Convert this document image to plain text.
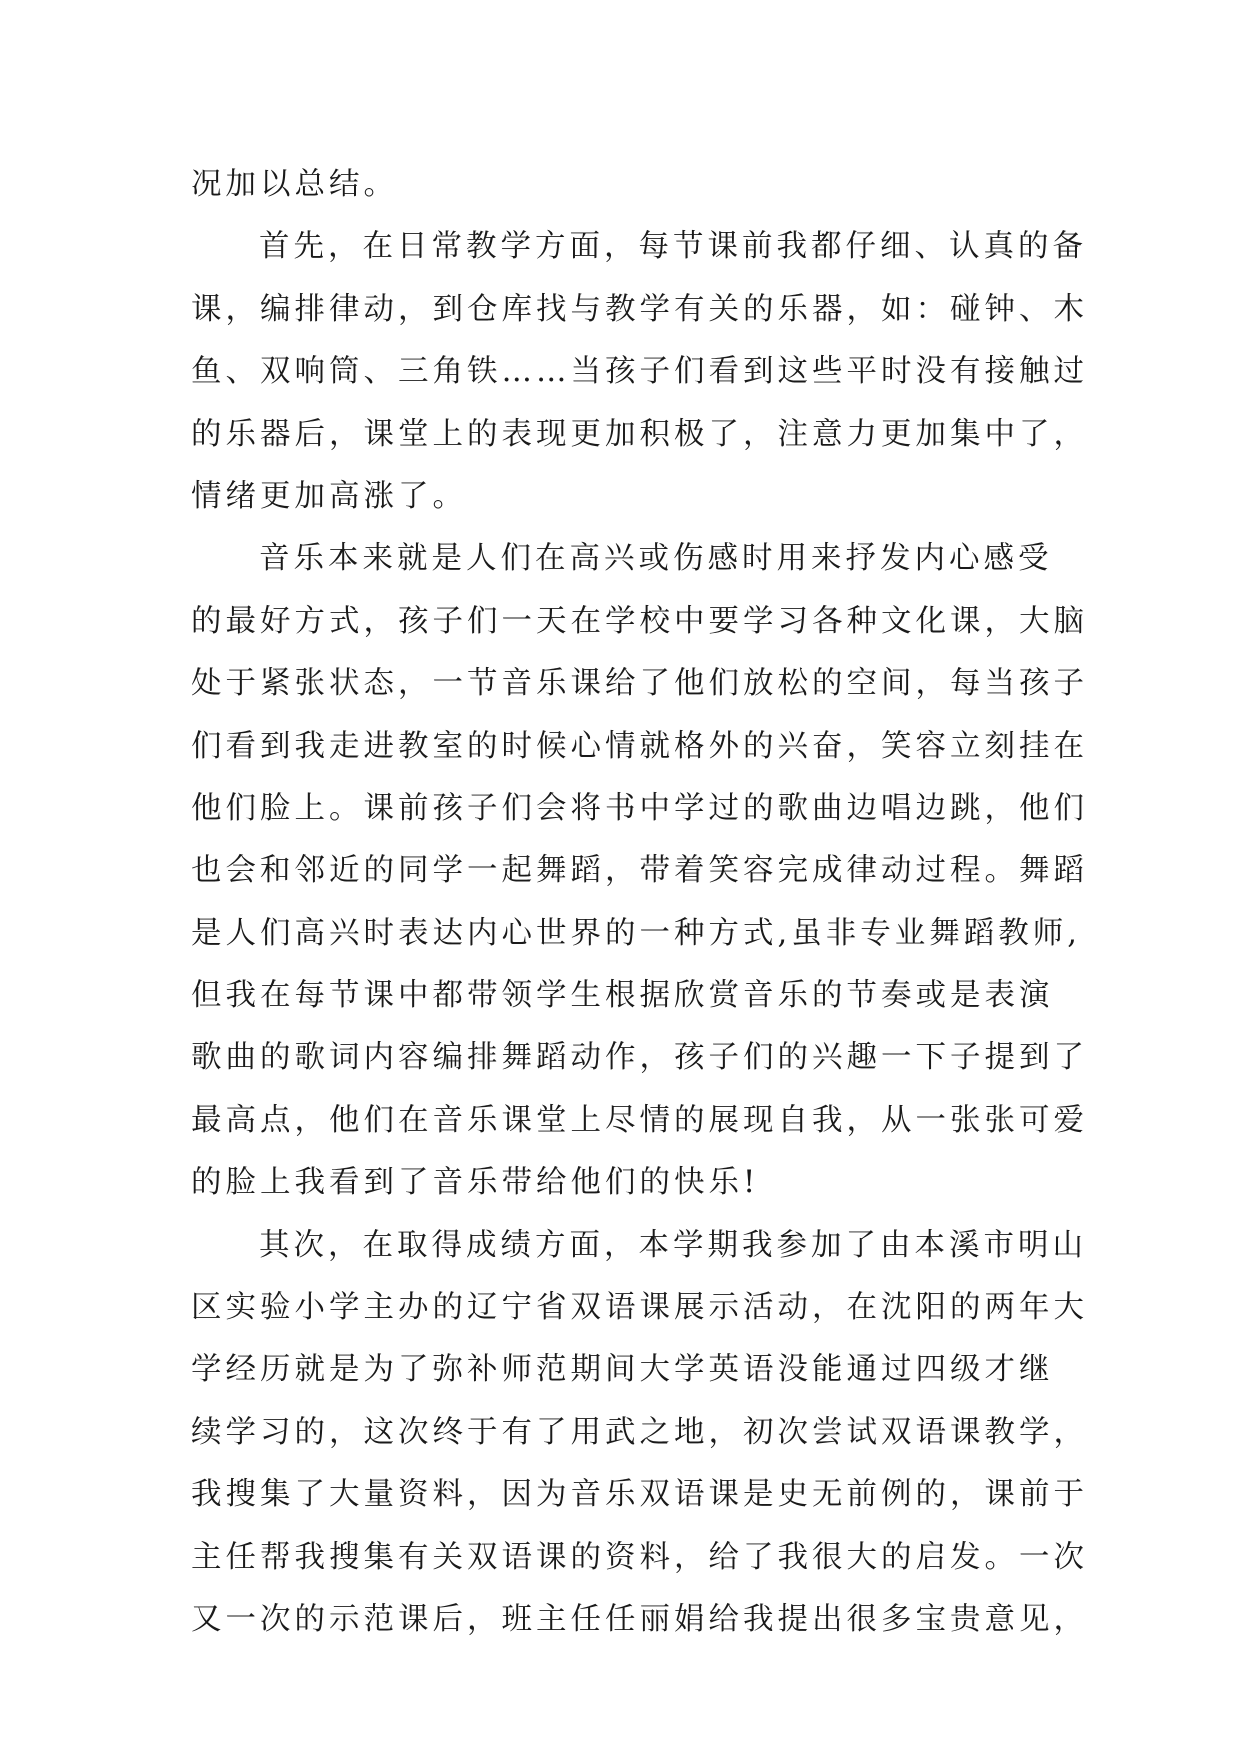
况加以总结。
首先，在日常教学方面，每节课前我都仔细、认真的备
课，编排律动，到仓库找与教学有关的乐器，如：碰钟、木
鱼、双响筒、三角铁……当孩子们看到这些平时没有接触过
的乐器后，课堂上的表现更加积极了，注意力更加集中了，
情绪更加高涨了。
音乐本来就是人们在高兴或伤感时用来抒发内心感受
的最好方式，孩子们一天在学校中要学习各种文化课，大脑
处于紧张状态，一节音乐课给了他们放松的空间，每当孩子
们看到我走进教室的时候心情就格外的兴奋，笑容立刻挂在
他们脸上。课前孩子们会将书中学过的歌曲边唱边跳，他们
也会和邻近的同学一起舞蹈，带着笑容完成律动过程。舞蹈
是人们高兴时表达内心世界的一种方式,虽非专业舞蹈教师,
但我在每节课中都带领学生根据欣赏音乐的节奏或是表演
歌曲的歌词内容编排舞蹈动作，孩子们的兴趣一下子提到了
最高点，他们在音乐课堂上尽情的展现自我，从一张张可爱
的脸上我看到了音乐带给他们的快乐!
其次，在取得成绩方面，本学期我参加了由本溪市明山
区实验小学主办的辽宁省双语课展示活动，在沈阳的两年大
学经历就是为了弥补师范期间大学英语没能通过四级才继
续学习的，这次终于有了用武之地，初次尝试双语课教学，
我搜集了大量资料，因为音乐双语课是史无前例的，课前于
主任帮我搜集有关双语课的资料，给了我很大的启发。一次
又一次的示范课后，班主任任丽娟给我提出很多宝贵意见，
